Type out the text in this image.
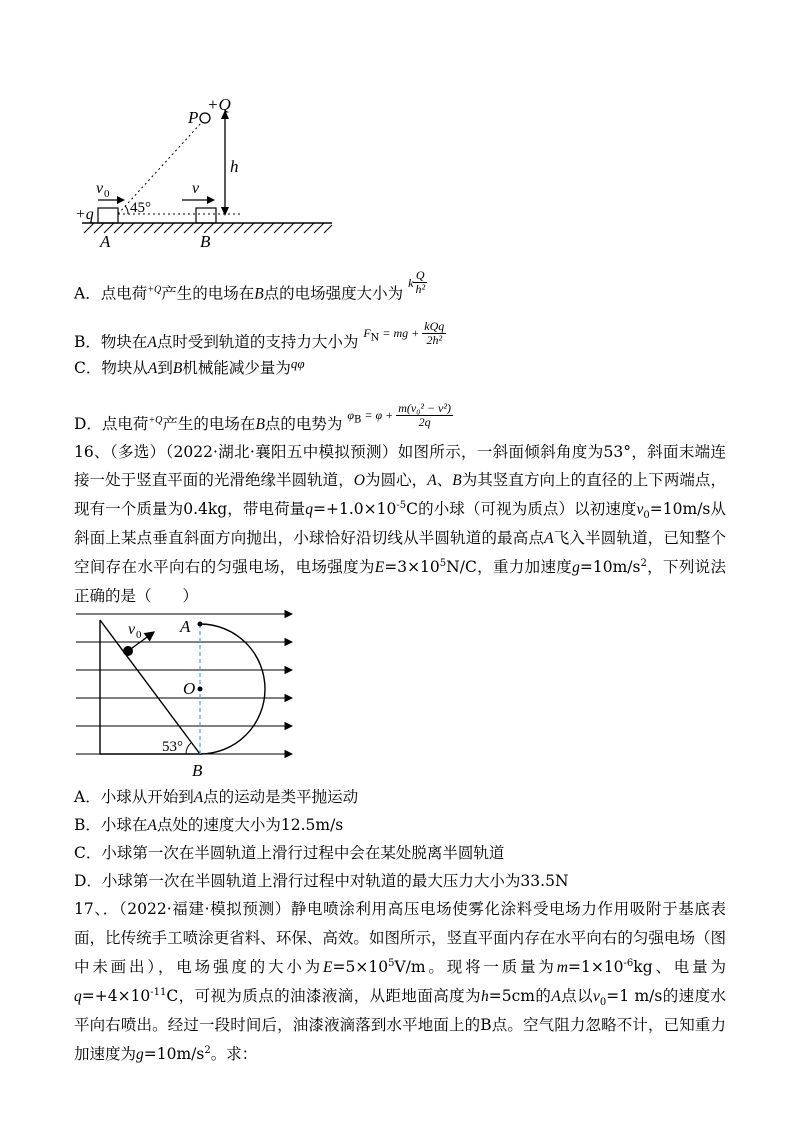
P
+Q
h
v 0	v
+q 45°
A	B
A．点电荷$^{+Q}$产生的电场在B点的电场强度大小为 k $\frac{Q}{\text{h²}}$
B．物块在A点时受到轨道的支持力大小为 $^{F_N = mg + \frac{\text{kQq}}{\text{2h²}}}$
C．物块从A到B机械能减少量为$^{q\varphi}$
D．点电荷$^{+Q}$产生的电场在B点的电势为 $^{\varphi_B = \varphi + \frac{\text{m(v₀² − v²)}}{2q}}$
16、（多选）（2022·湖北·襄阳五中模拟预测）如图所示，一斜面倾斜角度为53°，斜面末端连接一处于竖直平面的光滑绝缘半圆轨道，O为圆心，A、B为其竖直方向上的直径的上下两端点，现有一个质量为0.4kg，带电荷量$q=+1.0\times 10^{-5}C$的小球（可视为质点）以初速度$v_0=10m/s$从斜面上某点垂直斜面方向抛出，小球恰好沿切线从半圆轨道的最高点A飞入半圆轨道，已知整个空间存在水平向右的匀强电场，电场强度为$E=3\times 10^5N/C$，重力加速度$g=10m/s^2$，下列说法正确的是（　　）
v 0 A
O
B
53°
A．小球从开始到A点的运动是类平抛运动
B．小球在A点处的速度大小为12.5m/s
C．小球第一次在半圆轨道上滑行过程中会在某处脱离半圆轨道
D．小球第一次在半圆轨道上滑行过程中对轨道的最大压力大小为33.5N
17、．（2022·福建·模拟预测）静电喷涂利用高压电场使雾化涂料受电场力作用吸附于基底表面，比传统手工喷涂更省料、环保、高效。如图所示，竖直平面内存在水平向右的匀强电场（图中未画出），电场强度的大小为$E=5\times 10^5V/m$。现将一质量为$m=1\times 10^{-6}kg$、电量为$q=+4\times 10^{-11}C$，可视为质点的油漆液滴，从距地面高度为h=5cm的A点以$v_0=1$ m/s的速度水平向右喷出。经过一段时间后，油漆液滴落到水平地面上的B点。空气阻力忽略不计，已知重力加速度为$g=10m/s^2$。求：
